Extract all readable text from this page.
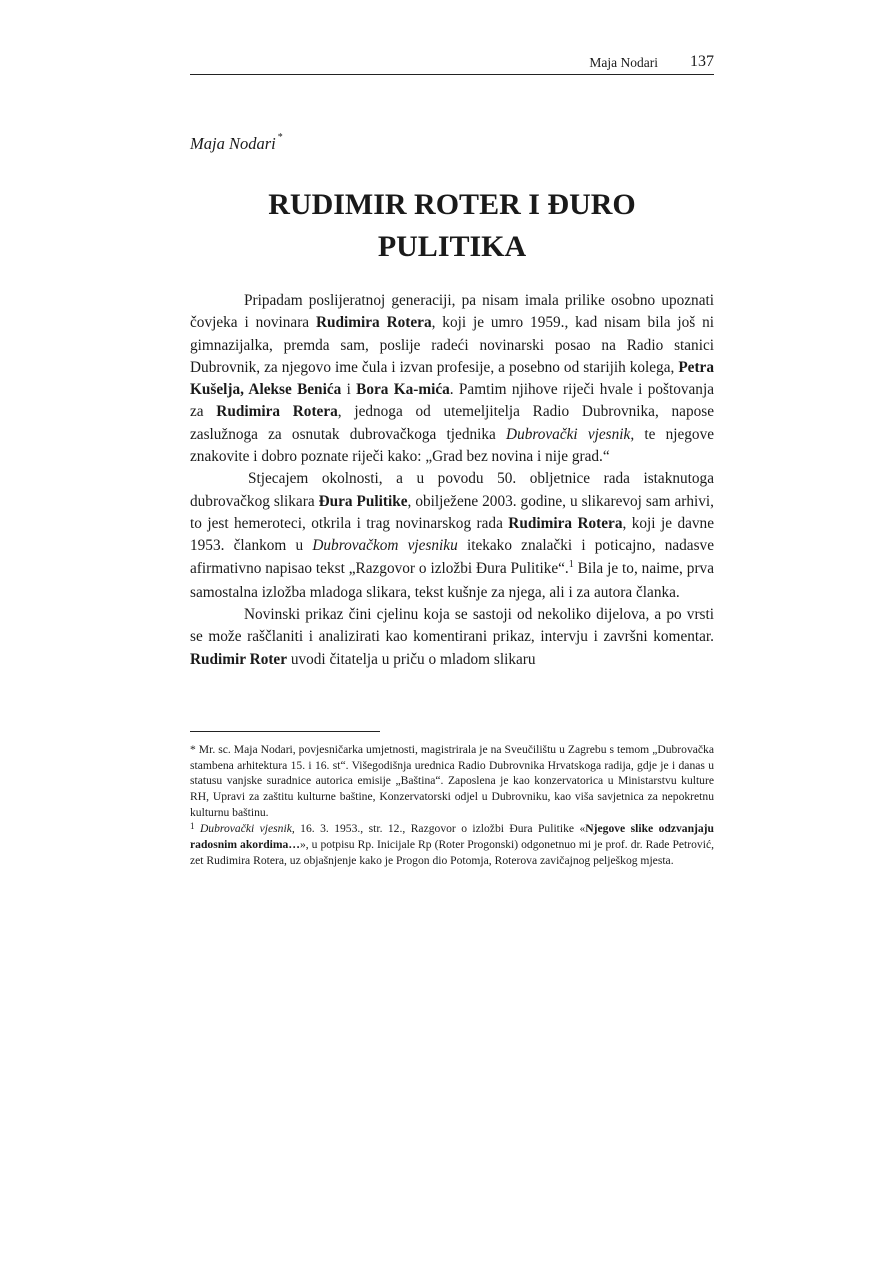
Maja Nodari 137
Maja Nodari *
RUDIMIR ROTER I ĐURO
PULITIKA

Pripadam poslijeratnoj generaciji, pa nisam imala prilike osobno upoznati čovjeka i novinara Rudimira Rotera, koji je umro 1959., kad nisam bila još ni gimnazijalka, premda sam, poslije radeći novinarski posao na Radio stanici Dubrovnik, za njegovo ime čula i izvan profesije, a posebno od starijih kolega, Petra Kušelja, Alekse Benića i Bora Ka-mića. Pamtim njihove riječi hvale i poštovanja za Rudimira Rotera, jednoga od utemeljitelja Radio Dubrovnika, napose zaslužnoga za osnutak dubrovačkoga tjednika Dubrovački vjesnik, te njegove znakovite i dobro poznate riječi kako: „Grad bez novina i nije grad.“

Stjecajem okolnosti, a u povodu 50. obljetnice rada istaknutoga dubrovačkog slikara Đura Pulitike, obilježene 2003. godine, u slikarevoj sam arhivi, to jest hemeroteci, otkrila i trag novinarskog rada Rudimira Rotera, koji je davne 1953. člankom u Dubrovačkom vjesniku itekako znalački i poticajno, nadasve afirmativno napisao tekst „Razgovor o izložbi Đura Pulitike“.$^1$ Bila je to, naime, prva samostalna izložba mladoga slikara, tekst kušnje za njega, ali i za autora članka.

Novinski prikaz čini cjelinu koja se sastoji od nekoliko dijelova, a po vrsti se može raščlaniti i analizirati kao komentirani prikaz, intervju i završni komentar. Rudimir Roter uvodi čitatelja u priču o mladom slikaru

* Mr. sc. Maja Nodari, povjesničarka umjetnosti, magistrirala je na Sveučilištu u Zagrebu s temom „Dubrovačka stambena arhitektura 15. i 16. st“. Višegodišnja urednica Radio Dubrovnika Hrvatskoga radija, gdje je i danas u statusu vanjske suradnice autorica emisije „Baština“. Zaposlena je kao konzervatorica u Ministarstvu kulture RH, Upravi za zaštitu kulturne baštine, Konzervatorski odjel u Dubrovniku, kao viša savjetnica za nepokretnu kulturnu baštinu.

$^1$ Dubrovački vjesnik, 16. 3. 1953., str. 12., Razgovor o izložbi Đura Pulitike «Njegove slike odzvanjaju radosnim akordima…», u potpisu Rp. Inicijale Rp (Roter Progonski) odgonetnuo mi je prof. dr. Rade Petrović, zet Rudimira Rotera, uz objašnjenje kako je Progon dio Potomja, Roterova zavičajnog pelješkog mjesta.
